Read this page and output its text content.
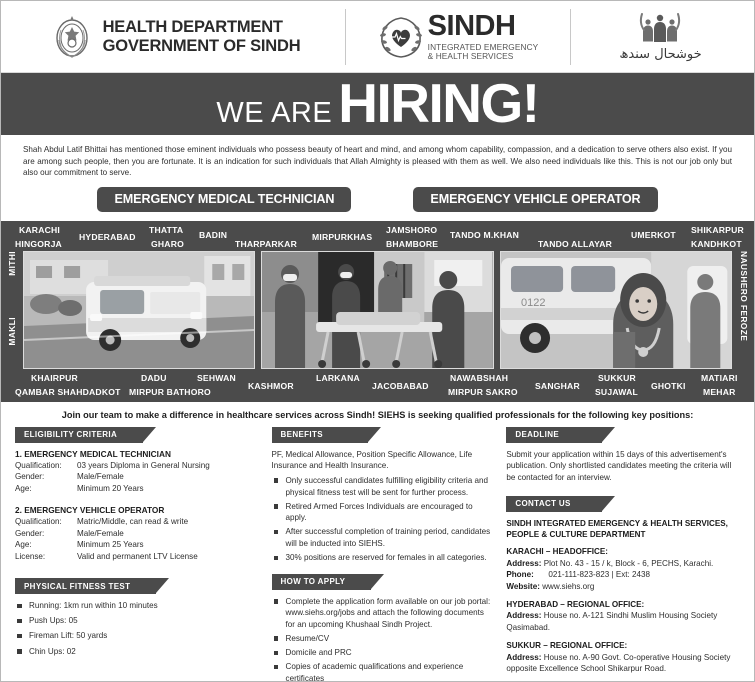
HEALTH DEPARTMENT
GOVERNMENT OF SINDH
SINDH
INTEGRATED EMERGENCY
& HEALTH SERVICES	خوشحال سندھ
WE ARE HIRING!
Shah Abdul Latif Bhittai has mentioned those eminent individuals who possess beauty of heart and mind, and among whom capability, compassion, and a dedication to serve others also exist. If you are among such people, then you are fortunate. It is an indication for such individuals that Allah Almighty is pleased with them as well. We also need individuals like this. This is not our job only but also our commitment to serve.
EMERGENCY MEDICAL TECHNICIAN	EMERGENCY VEHICLE OPERATOR
KARACHI
HINGORJA
HYDERABAD
THATTA
GHARO
BADIN
THARPARKAR
MIRPURKHAS
JAMSHORO
BHAMBORE
TANDO M.KHAN
TANDO ALLAYAR
UMERKOT SHIKARPUR
KANDHKOT
0122
KHAIRPUR
QAMBAR SHAHDADKOT
DADU
MIRPUR BATHORO
SEHWAN
KASHMOR
LARKANA
JACOBABAD
NAWABSHAH
MIRPUR SAKRO
SANGHAR
SUKKUR
SUJAWAL
GHOTKI
MATIARI
MEHAR
MITHI
MAKLI	NAUSHERO FEROZE
Join our team to make a difference in healthcare services across Sindh! SIEHS is seeking qualified professionals for the following key positions:
ELIGIBILITY CRITERIA
1. EMERGENCY MEDICAL TECHNICIAN
Qualification:	03 years Diploma in General Nursing
Gender:	Male/Female
Age:	Minimum 20 Years
2. EMERGENCY VEHICLE OPERATOR
Qualification:	Matric/Middle, can read & write
Gender:	Male/Female
Age:	Minimum 25 Years
License:	Valid and permanent LTV License
PHYSICAL FITNESS TEST
Running: 1km run within 10 minutes
Push Ups: 05
Fireman Lift: 50 yards
Chin Ups: 02
BENEFITS
PF, Medical Allowance, Position Specific Allowance, Life Insurance and Health Insurance.
Only successful candidates fulfilling eligibility criteria and physical fitness test will be sent for further process.
Retired Armed Forces Individuals are encouraged to apply.
After successful completion of training period, candidates will be inducted into SIEHS.
30% positions are reserved for females in all categories.
HOW TO APPLY
Complete the application form available on our job portal: www.siehs.org/jobs and attach the following documents for an upcoming Khushaal Sindh Project.
Resume/CV
Domicile and PRC
Copies of academic qualifications and experience certificates
DEADLINE
Submit your application within 15 days of this advertisement's publication. Only shortlisted candidates meeting the criteria will be contacted for an interview.
CONTACT US
SINDH INTEGRATED EMERGENCY & HEALTH SERVICES,
PEOPLE & CULTURE DEPARTMENT
KARACHI – HEADOFFICE:
Address: Plot No. 43 - 15 / k, Block - 6, PECHS, Karachi.
Phone:	021-111-823-823 | Ext: 2438
Website: www.siehs.org
HYDERABAD – REGIONAL OFFICE:
Address: House no. A-121 Sindhi Muslim Housing Society Qasimabad.
SUKKUR – REGIONAL OFFICE:
Address: House no. A-90 Govt. Co-operative Housing Society opposite Excellence School Shikarpur Road.
